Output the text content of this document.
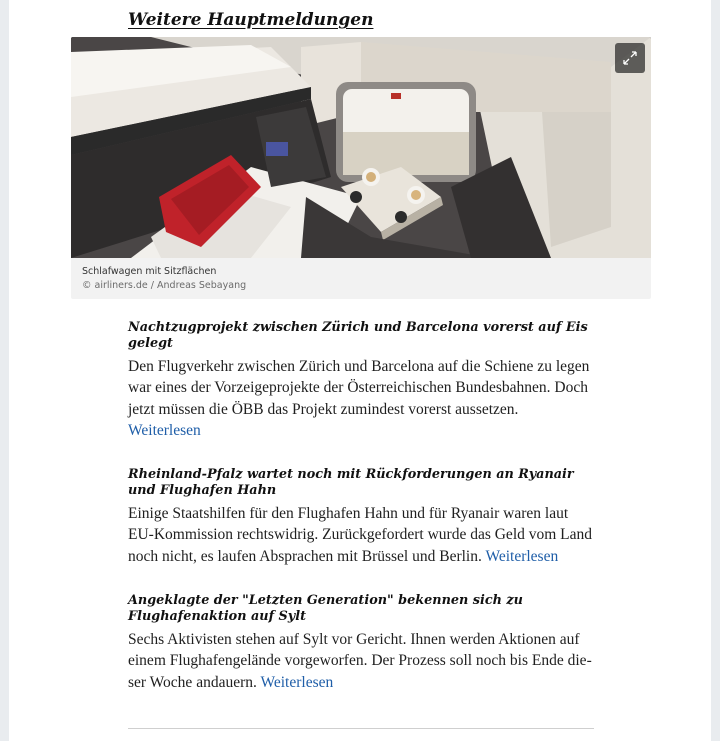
Weitere Hauptmeldungen
Schlafwagen mit Sitzflächen
© airliners.de / Andreas Sebayang
Nachtzugprojekt zwischen Zürich und Barcelona vorerst auf Eis gelegt

Den Flugverkehr zwischen Zürich und Barcelona auf die Schiene zu legen war eines der Vorzeigeprojekte der Österreichischen Bundesbahnen. Doch jetzt müssen die ÖBB das Projekt zumindest vorerst aussetzen.
Weiterlesen

Rheinland-Pfalz wartet noch mit Rückforderungen an Ryanair und Flughafen Hahn

Einige Staatshilfen für den Flughafen Hahn und für Ryanair waren laut EU-Kommission rechtswidrig. Zurückgefordert wurde das Geld vom Land noch nicht, es laufen Absprachen mit Brüssel und Berlin. Weiterlesen

Angeklagte der "Letzten Generation" bekennen sich zu Flughafenaktion auf Sylt

Sechs Aktivisten stehen auf Sylt vor Gericht. Ihnen werden Aktionen auf einem Flughafengelände vorgeworfen. Der Prozess soll noch bis Ende dieser Woche andauern. Weiterlesen
